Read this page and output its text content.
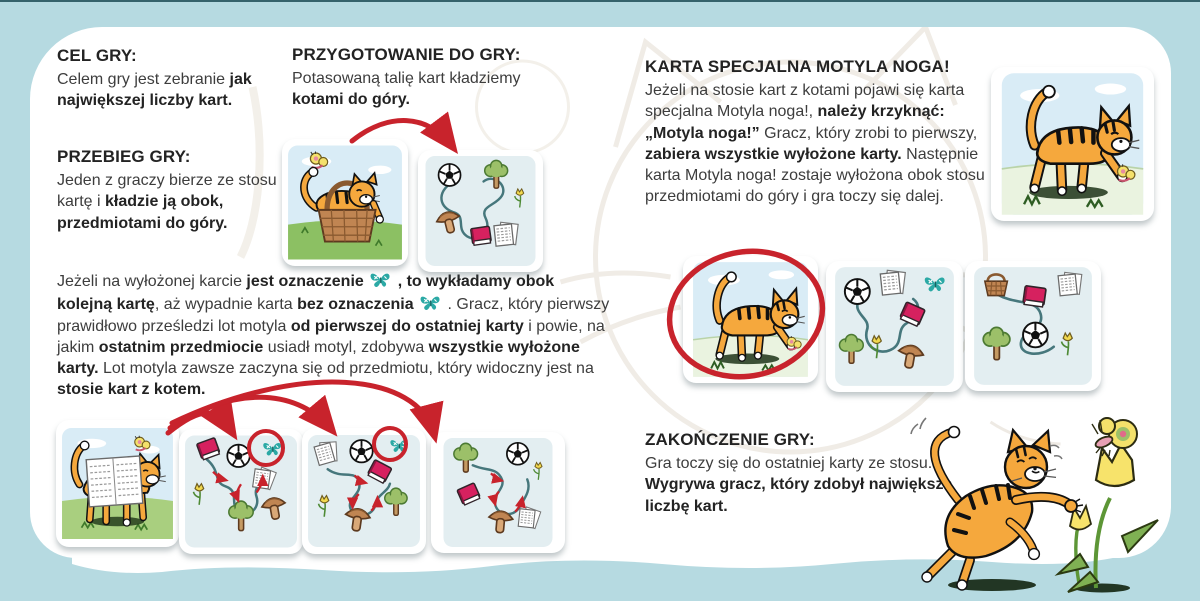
CEL GRY:

Celem gry jest zebranie jak największej liczby kart.

PRZEBIEG GRY:

Jeden z graczy bierze ze stosu kartę i kładzie ją obok, przedmiotami do góry.

PRZYGOTOWANIE DO GRY:

Potasowaną talię kart kładziemy kotami do góry.

KARTA SPECJALNA MOTYLA NOGA!

Jeżeli na stosie kart z kotami pojawi się karta specjalna Motyla noga!, należy krzyknąć: „Motyla noga!” Gracz, który zrobi to pierwszy, zabiera wszystkie wyłożone karty. Następnie karta Motyla noga! zostaje wyłożona obok stosu przedmiotami do góry i gra toczy się dalej.

Jeżeli na wyłożonej karcie jest oznaczenie  , to wykładamy obok kolejną kartę, aż wypadnie karta bez oznaczenia  . Gracz, który pierwszy prawidłowo prześledzi lot motyla od pierwszej do ostatniej karty i powie, na jakim ostatnim przedmiocie usiadł motyl, zdobywa wszystkie wyłożone karty. Lot motyla zawsze zaczyna się od przedmiotu, który widoczny jest na stosie kart z kotem.

ZAKOŃCZENIE GRY:

Gra toczy się do ostatniej karty ze stosu. Wygrywa gracz, który zdobył największą liczbę kart.
